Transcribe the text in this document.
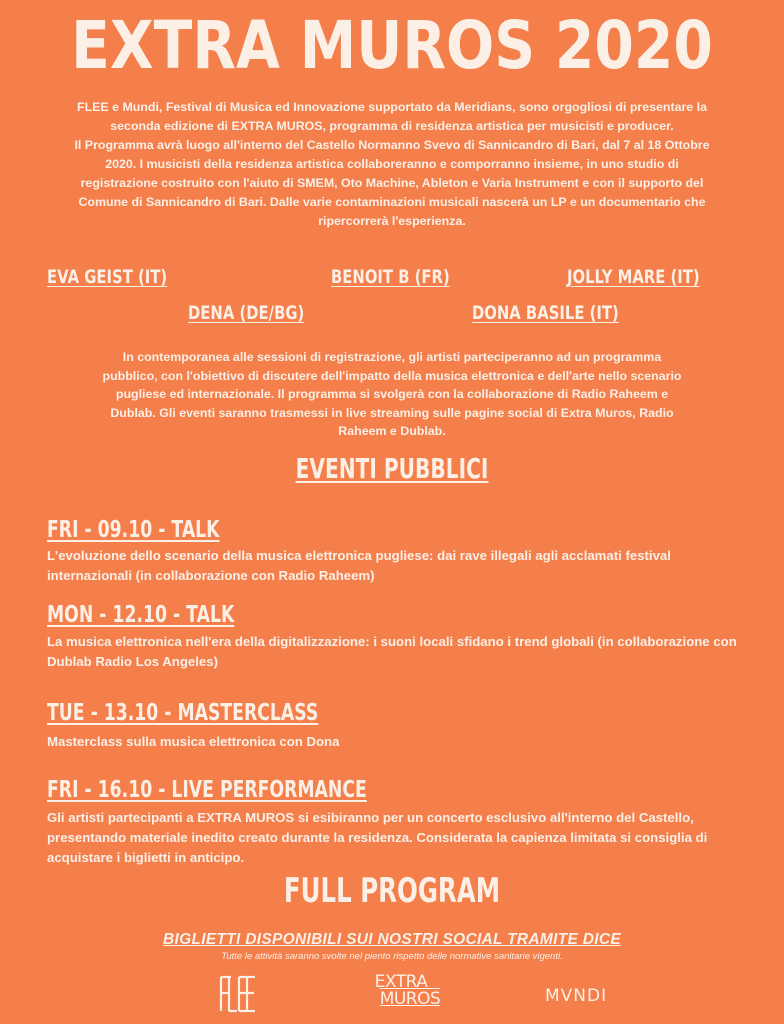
EXTRA MUROS 2020

FLEE e Mundi, Festival di Musica ed Innovazione supportato da Meridians, sono orgogliosi di presentare la seconda edizione di EXTRA MUROS, programma di residenza artistica per musicisti e producer.

Il Programma avrà luogo all'interno del Castello Normanno Svevo di Sannicandro di Bari, dal 7 al 18 Ottobre 2020. I musicisti della residenza artistica collaboreranno e comporranno insieme, in uno studio di registrazione costruito con l'aiuto di SMEM, Oto Machine, Ableton e Varia Instrument e con il supporto del Comune di Sannicandro di Bari. Dalle varie contaminazioni musicali nascerà un LP e un documentario che ripercorrerà l'esperienza.

EVA GEIST (IT)	BENOIT B (FR)	JOLLY MARE (IT)
DENA (DE/BG)	DONA BASILE (IT)
In contemporanea alle sessioni di registrazione, gli artisti parteciperanno ad un programma pubblico, con l'obiettivo di discutere dell'impatto della musica elettronica e dell'arte nello scenario pugliese ed internazionale. Il programma si svolgerà con la collaborazione di Radio Raheem e Dublab. Gli eventi saranno trasmessi in live streaming sulle pagine social di Extra Muros, Radio Raheem e Dublab.
EVENTI PUBBLICI
FRI - 09.10 - TALK
L'evoluzione dello scenario della musica elettronica pugliese: dai rave illegali agli acclamati festival internazionali (in collaborazione con Radio Raheem)
MON - 12.10 - TALK
La musica elettronica nell'era della digitalizzazione: i suoni locali sfidano i trend globali (in collaborazione con Dublab Radio Los Angeles)
TUE - 13.10 - MASTERCLASS
Masterclass sulla musica elettronica con Dona
FRI - 16.10 - LIVE PERFORMANCE
Gli artisti partecipanti a EXTRA MUROS si esibiranno per un concerto esclusivo all'interno del Castello, presentando materiale inedito creato durante la residenza. Considerata la capienza limitata si consiglia di acquistare i biglietti in anticipo.
FULL PROGRAM
BIGLIETTI DISPONIBILI SUI NOSTRI SOCIAL TRAMITE DICE
Tutte le attività saranno svolte nel piento rispetto delle normative sanitarie vigenti.
EXTRA
MUROS	MVNDI
